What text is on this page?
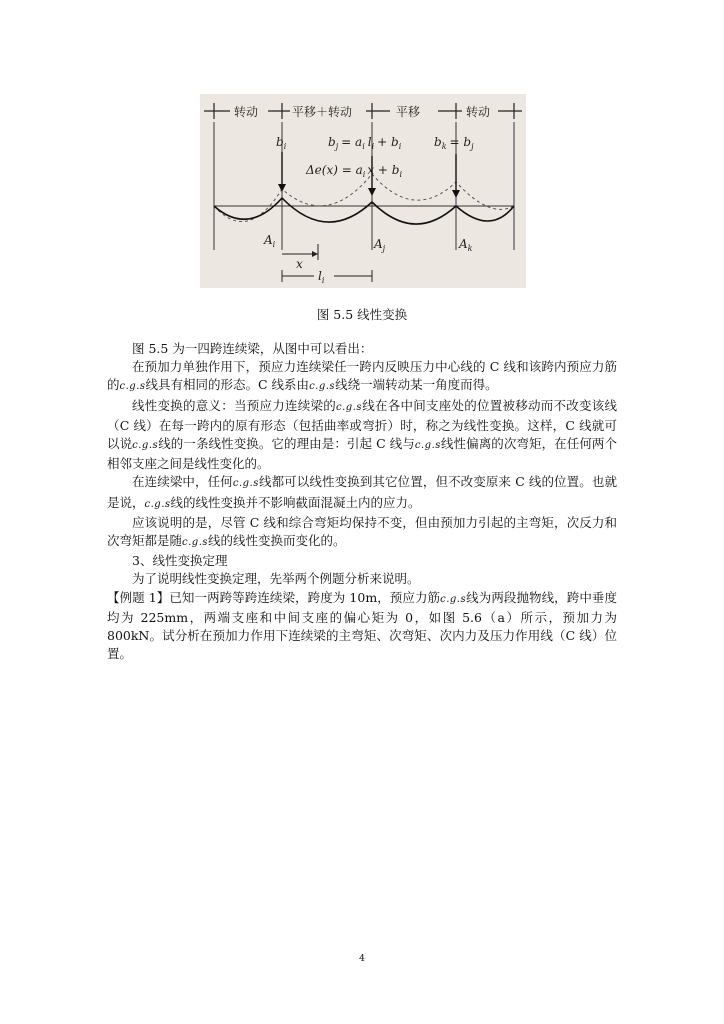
转动	平移＋转动	平移	转动
$b_i$	$b_j = a_i$ $l_i + b_i$	$b_k = b_j$
$\Delta e(x) = a_i$ $x + b_i$
$A_i$	$A_j$	$A_k$
x
$l_i$
图 5.5 线性变换

图 5.5 为一四跨连续梁，从图中可以看出：

在预加力单独作用下，预应力连续梁任一跨内反映压力中心线的 C 线和该跨内预应力筋的c.g.s线具有相同的形态。C 线系由c.g.s线绕一端转动某一角度而得。

线性变换的意义：当预应力连续梁的c.g.s线在各中间支座处的位置被移动而不改变该线（C 线）在每一跨内的原有形态（包括曲率或弯折）时，称之为线性变换。这样，C 线就可以说c.g.s线的一条线性变换。它的理由是：引起 C 线与c.g.s线性偏离的次弯矩，在任何两个相邻支座之间是线性变化的。

在连续梁中，任何c.g.s线都可以线性变换到其它位置，但不改变原来 C 线的位置。也就是说，c.g.s线的线性变换并不影响截面混凝土内的应力。

应该说明的是，尽管 C 线和综合弯矩均保持不变，但由预加力引起的主弯矩，次反力和次弯矩都是随c.g.s线的线性变换而变化的。

3、线性变换定理

为了说明线性变换定理，先举两个例题分析来说明。

【例题 1】已知一两跨等跨连续梁，跨度为 10m，预应力筋c.g.s线为两段抛物线，跨中垂度均为 225mm，两端支座和中间支座的偏心矩为 0，如图 5.6（a）所示，预加力为 800kN。试分析在预加力作用下连续梁的主弯矩、次弯矩、次内力及压力作用线（C 线）位置。

4
